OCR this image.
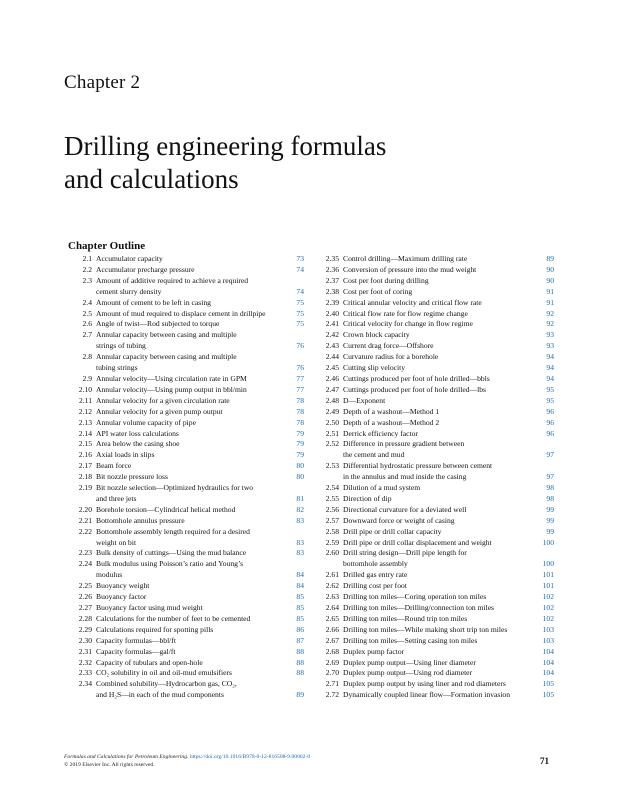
Chapter 2
Drilling engineering formulas
and calculations
Chapter Outline
2.1 Accumulator capacity	73
2.2 Accumulator precharge pressure	74
2.3 Amount of additive required to achieve a required
cement slurry density	74
2.4 Amount of cement to be left in casing	75
2.5 Amount of mud required to displace cement in drillpipe	75
2.6 Angle of twist—Rod subjected to torque	75
2.7 Annular capacity between casing and multiple
strings of tubing	76
2.8 Annular capacity between casing and multiple
tubing strings	76
2.9 Annular velocity—Using circulation rate in GPM	77
2.10 Annular velocity—Using pump output in bbl/min	77
2.11 Annular velocity for a given circulation rate	78
2.12 Annular velocity for a given pump output	78
2.13 Annular volume capacity of pipe	78
2.14 API water loss calculations	79
2.15 Area below the casing shoe	79
2.16 Axial loads in slips	79
2.17 Beam force	80
2.18 Bit nozzle pressure loss	80
2.19 Bit nozzle selection—Optimized hydraulics for two
and three jets	81
2.20 Borehole torsion—Cylindrical helical method	82
2.21 Bottomhole annulus pressure	83
2.22 Bottomhole assembly length required for a desired
weight on bit	83
2.23 Bulk density of cuttings—Using the mud balance	83
2.24 Bulk modulus using Poisson’s ratio and Young’s
modulus	84
2.25 Buoyancy weight	84
2.26 Buoyancy factor	85
2.27 Buoyancy factor using mud weight	85
2.28 Calculations for the number of feet to be cemented	85
2.29 Calculations required for spotting pills	86
2.30 Capacity formulas—bbl/ft	87
2.31 Capacity formulas—gal/ft	88
2.32 Capacity of tubulars and open-hole	88
2.33 CO₂ solubility in oil and oil-mud emulsifiers	88
2.34 Combined solubility—Hydrocarbon gas, CO₂,
and H₂S—in each of the mud components	89
2.35 Control drilling—Maximum drilling rate	89
2.36 Conversion of pressure into the mud weight	90
2.37 Cost per foot during drilling	90
2.38 Cost per foot of coring	91
2.39 Critical annular velocity and critical flow rate	91
2.40 Critical flow rate for flow regime change	92
2.41 Critical velocity for change in flow regime	92
2.42 Crown block capacity	93
2.43 Current drag force—Offshore	93
2.44 Curvature radius for a borehole	94
2.45 Cutting slip velocity	94
2.46 Cuttings produced per foot of hole drilled—bbls	94
2.47 Cuttings produced per foot of hole drilled—lbs	95
2.48 D—Exponent	95
2.49 Depth of a washout—Method 1	96
2.50 Depth of a washout—Method 2	96
2.51 Derrick efficiency factor	96
2.52 Difference in pressure gradient between
the cement and mud	97
2.53 Differential hydrostatic pressure between cement
in the annulus and mud inside the casing	97
2.54 Dilution of a mud system	98
2.55 Direction of dip	98
2.56 Directional curvature for a deviated well	99
2.57 Downward force or weight of casing	99
2.58 Drill pipe or drill collar capacity	99
2.59 Drill pipe or drill collar displacement and weight	100
2.60 Drill string design—Drill pipe length for
bottomhole assembly	100
2.61 Drilled gas entry rate	101
2.62 Drilling cost per foot	101
2.63 Drilling ton miles—Coring operation ton miles	102
2.64 Drilling ton miles—Drilling/connection ton miles	102
2.65 Drilling ton miles—Round trip ton miles	102
2.66 Drilling ton miles—While making short trip ton miles	103
2.67 Drilling ton miles—Setting casing ton miles	103
2.68 Duplex pump factor	104
2.69 Duplex pump output—Using liner diameter	104
2.70 Duplex pump output—Using rod diameter	104
2.71 Duplex pump output by using liner and rod diameters	105
2.72 Dynamically coupled linear flow—Formation invasion	105
Formulas and Calculations for Petroleum Engineering. https://doi.org/10.1016/B978-0-12-816508-9.00002-0
© 2019 Elsevier Inc. All rights reserved.	71
